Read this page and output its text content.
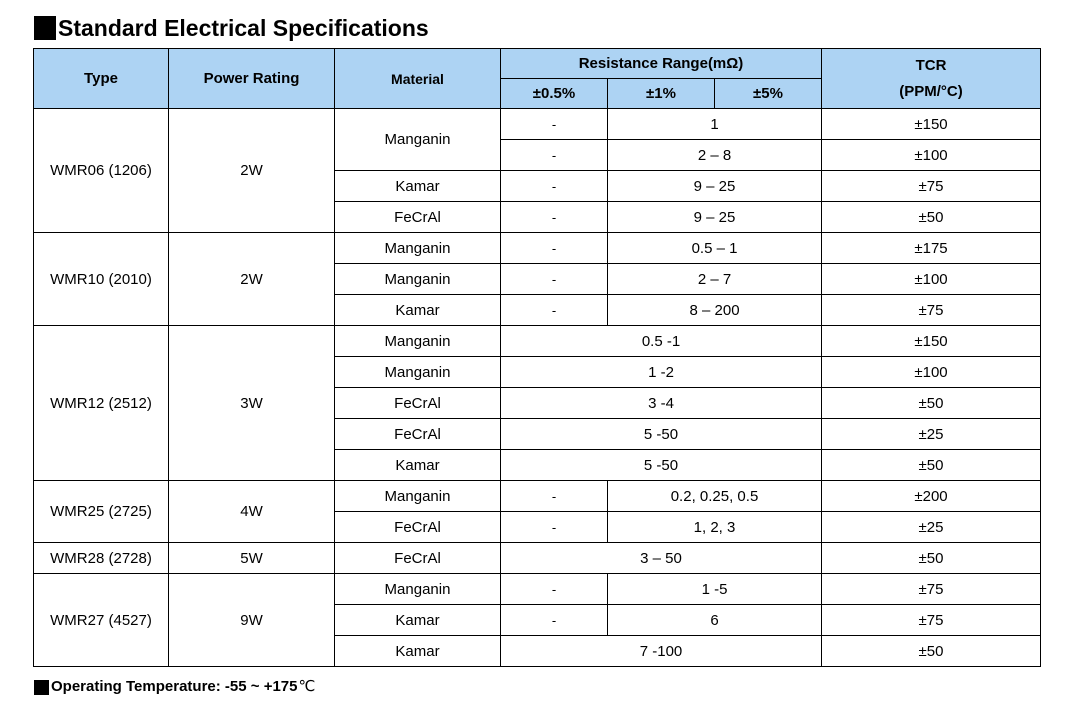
Standard Electrical Specifications
Type	Power Rating	Material	Resistance Range(mΩ)			TCR
(PPM/°C)

			±0.5%	±1%	±5%	
WMR06 (1206)	2W	Manganin	-	1		±150
			-	2 – 8		±100
		Kamar	-	9 – 25		±75
		FeCrAl	-	9 – 25		±50
WMR10 (2010)	2W	Manganin	-	0.5 – 1		±175
		Manganin	-	2 – 7		±100
		Kamar	-	8 – 200		±75
WMR12 (2512)	3W	Manganin	0.5 -1			±150
		Manganin	1 -2			±100
		FeCrAl	3 -4			±50
		FeCrAl	5 -50			±25
		Kamar	5 -50			±50
WMR25 (2725)	4W	Manganin	-	0.2, 0.25, 0.5		±200
		FeCrAl	-	1, 2, 3		±25
WMR28 (2728)	5W	FeCrAl	3 – 50			±50
WMR27 (4527)	9W	Manganin	-	1 -5		±75
		Kamar	-	6		±75
		Kamar	7 -100			±50
Operating Temperature: -55 ~ +175 ℃
